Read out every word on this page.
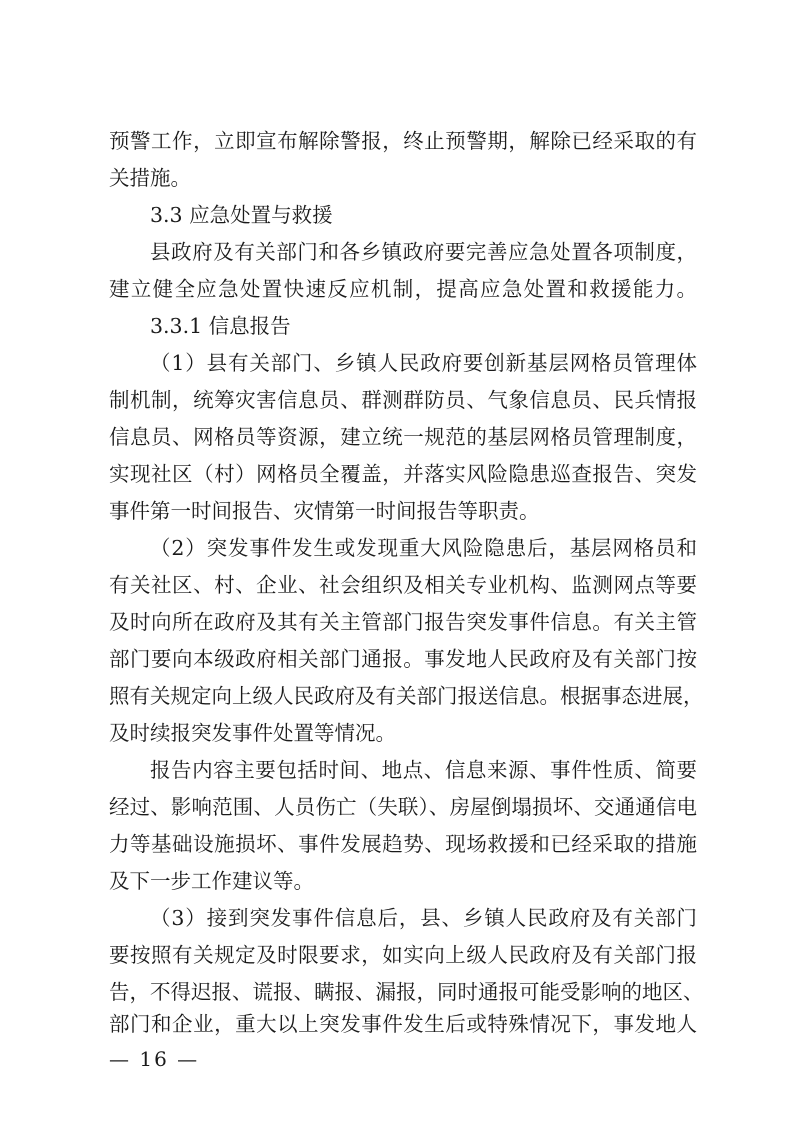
预警工作，立即宣布解除警报，终止预警期，解除已经采取的有
关措施。
3.3 应急处置与救援
县政府及有关部门和各乡镇政府要完善应急处置各项制度，
建立健全应急处置快速反应机制，提高应急处置和救援能力。
3.3.1 信息报告
（1）县有关部门、乡镇人民政府要创新基层网格员管理体
制机制，统筹灾害信息员、群测群防员、气象信息员、民兵情报
信息员、网格员等资源，建立统一规范的基层网格员管理制度，
实现社区（村）网格员全覆盖，并落实风险隐患巡查报告、突发
事件第一时间报告、灾情第一时间报告等职责。
（2）突发事件发生或发现重大风险隐患后，基层网格员和
有关社区、村、企业、社会组织及相关专业机构、监测网点等要
及时向所在政府及其有关主管部门报告突发事件信息。有关主管
部门要向本级政府相关部门通报。事发地人民政府及有关部门按
照有关规定向上级人民政府及有关部门报送信息。根据事态进展，
及时续报突发事件处置等情况。
报告内容主要包括时间、地点、信息来源、事件性质、简要
经过、影响范围、人员伤亡（失联）、房屋倒塌损坏、交通通信电
力等基础设施损坏、事件发展趋势、现场救援和已经采取的措施
及下一步工作建议等。
（3）接到突发事件信息后，县、乡镇人民政府及有关部门
要按照有关规定及时限要求，如实向上级人民政府及有关部门报
告，不得迟报、谎报、瞒报、漏报，同时通报可能受影响的地区、
部门和企业，重大以上突发事件发生后或特殊情况下，事发地人
— 16 —
